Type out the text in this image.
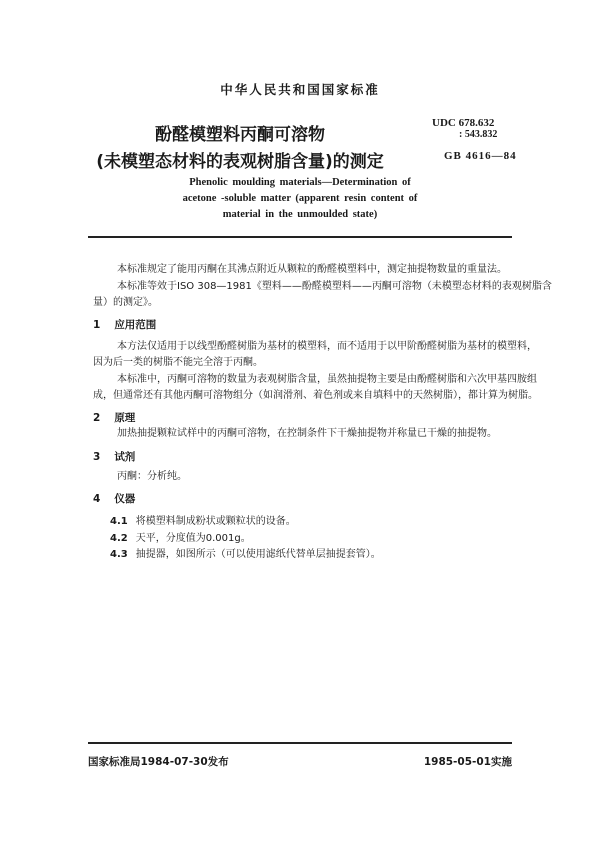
中华人民共和国国家标准
酚醛模塑料丙酮可溶物
(未模塑态材料的表观树脂含量)的测定
UDC 678.632
: 543.832
GB 4616—84
Phenolic moulding materials—Determination of
acetone -soluble matter (apparent resin content of
material in the unmoulded state)
本标准规定了能用丙酮在其沸点附近从颗粒的酚醛模塑料中，测定抽提物数量的重量法。
本标准等效于ISO 308—1981《塑料——酚醛模塑料——丙酮可溶物（未模塑态材料的表观树脂含
量）的测定》。
1 应用范围
本方法仅适用于以线型酚醛树脂为基材的模塑料，而不适用于以甲阶酚醛树脂为基材的模塑料，
因为后一类的树脂不能完全溶于丙酮。
本标准中，丙酮可溶物的数量为表观树脂含量，虽然抽提物主要是由酚醛树脂和六次甲基四胺组
成，但通常还有其他丙酮可溶物组分（如润滑剂、着色剂或来自填料中的天然树脂），都计算为树脂。
2 原理
加热抽提颗粒试样中的丙酮可溶物，在控制条件下干燥抽提物并称量已干燥的抽提物。
3 试剂
丙酮：分析纯。
4 仪器
4.1 将模塑料制成粉状或颗粒状的设备。
4.2 天平，分度值为0.001g。
4.3 抽提器，如图所示（可以使用滤纸代替单层抽提套管）。
国家标准局1984-07-30发布	1985-05-01实施
